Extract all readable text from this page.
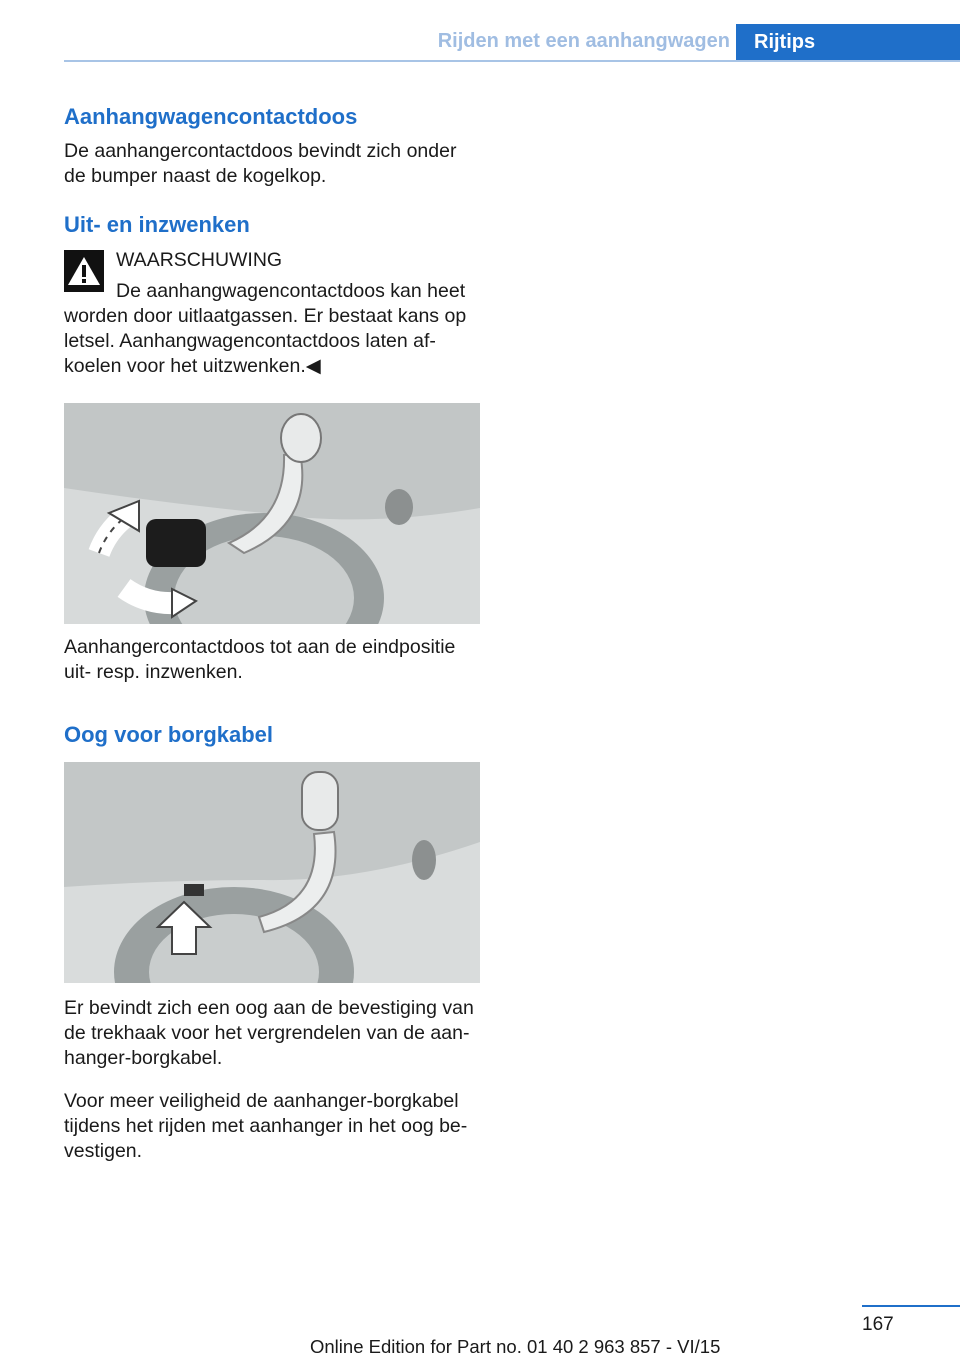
Rijden met een aanhangwagen	Rijtips
Aanhangwagencontactdoos

De aanhangercontactdoos bevindt zich onder de bumper naast de kogelkop.

Uit- en inzwenken

WAARSCHUWING

De aanhangwagencontactdoos kan heet worden door uitlaatgassen. Er bestaat kans op letsel. Aanhangwagencontactdoos laten af-koelen voor het uitzwenken.◀

Aanhangercontactdoos tot aan de eindpositie uit- resp. inzwenken.

Oog voor borgkabel

Er bevindt zich een oog aan de bevestiging van de trekhaak voor het vergrendelen van de aan-hanger-borgkabel.

Voor meer veiligheid de aanhanger-borgkabel tijdens het rijden met aanhanger in het oog be-vestigen.

167
Online Edition for Part no. 01 40 2 963 857 - VI/15
